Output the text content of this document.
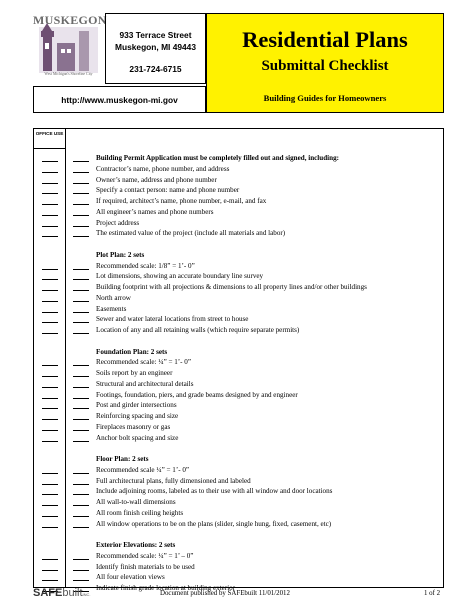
MUSKEGON
West Michigan's Shoreline City
933 Terrace Street
Muskegon, MI 49443
231-724-6715
http://www.muskegon-mi.gov
Residential Plans
Submittal Checklist
Building Guides for Homeowners
OFFICE USE
Building Permit Application must be completely filled out and signed, including:
Contractor’s name, phone number, and address
Owner’s name, address and phone number
Specify a contact person: name and phone number
If required, architect’s name, phone number, e-mail, and fax
All engineer’s names and phone numbers
Project address
The estimated value of the project (include all materials and labor)
Plot Plan: 2 sets
Recommended scale: 1/8” = 1’- 0”
Lot dimensions, showing an accurate boundary line survey
Building footprint with all projections & dimensions to all property lines and/or other buildings
North arrow
Easements
Sewer and water lateral locations from street to house
Location of any and all retaining walls (which require separate permits)
Foundation Plan: 2 sets
Recommended scale: ¼” = 1’- 0”
Soils report by an engineer
Structural and architectural details
Footings, foundation, piers, and grade beams designed by and engineer
Post and girder intersections
Reinforcing spacing and size
Fireplaces masonry or gas
Anchor bolt spacing and size
Floor Plan: 2 sets
Recommended scale ¼” = 1’- 0”
Full architectural plans, fully dimensioned and labeled
Include adjoining rooms, labeled as to their use with all window and door locations
All wall-to-wall dimensions
All room finish ceiling heights
All window operations to be on the plans (slider, single hung, fixed, casement, etc)
Exterior Elevations: 2 sets
Recommended scale: ¼” = 1’ – 0”
Identify finish materials to be used
All four elevation views
Indicate finish grade location at building exterior
SAFEbuiltINC.	Document published by SAFEbuilt 11/01/2012	1 of 2
